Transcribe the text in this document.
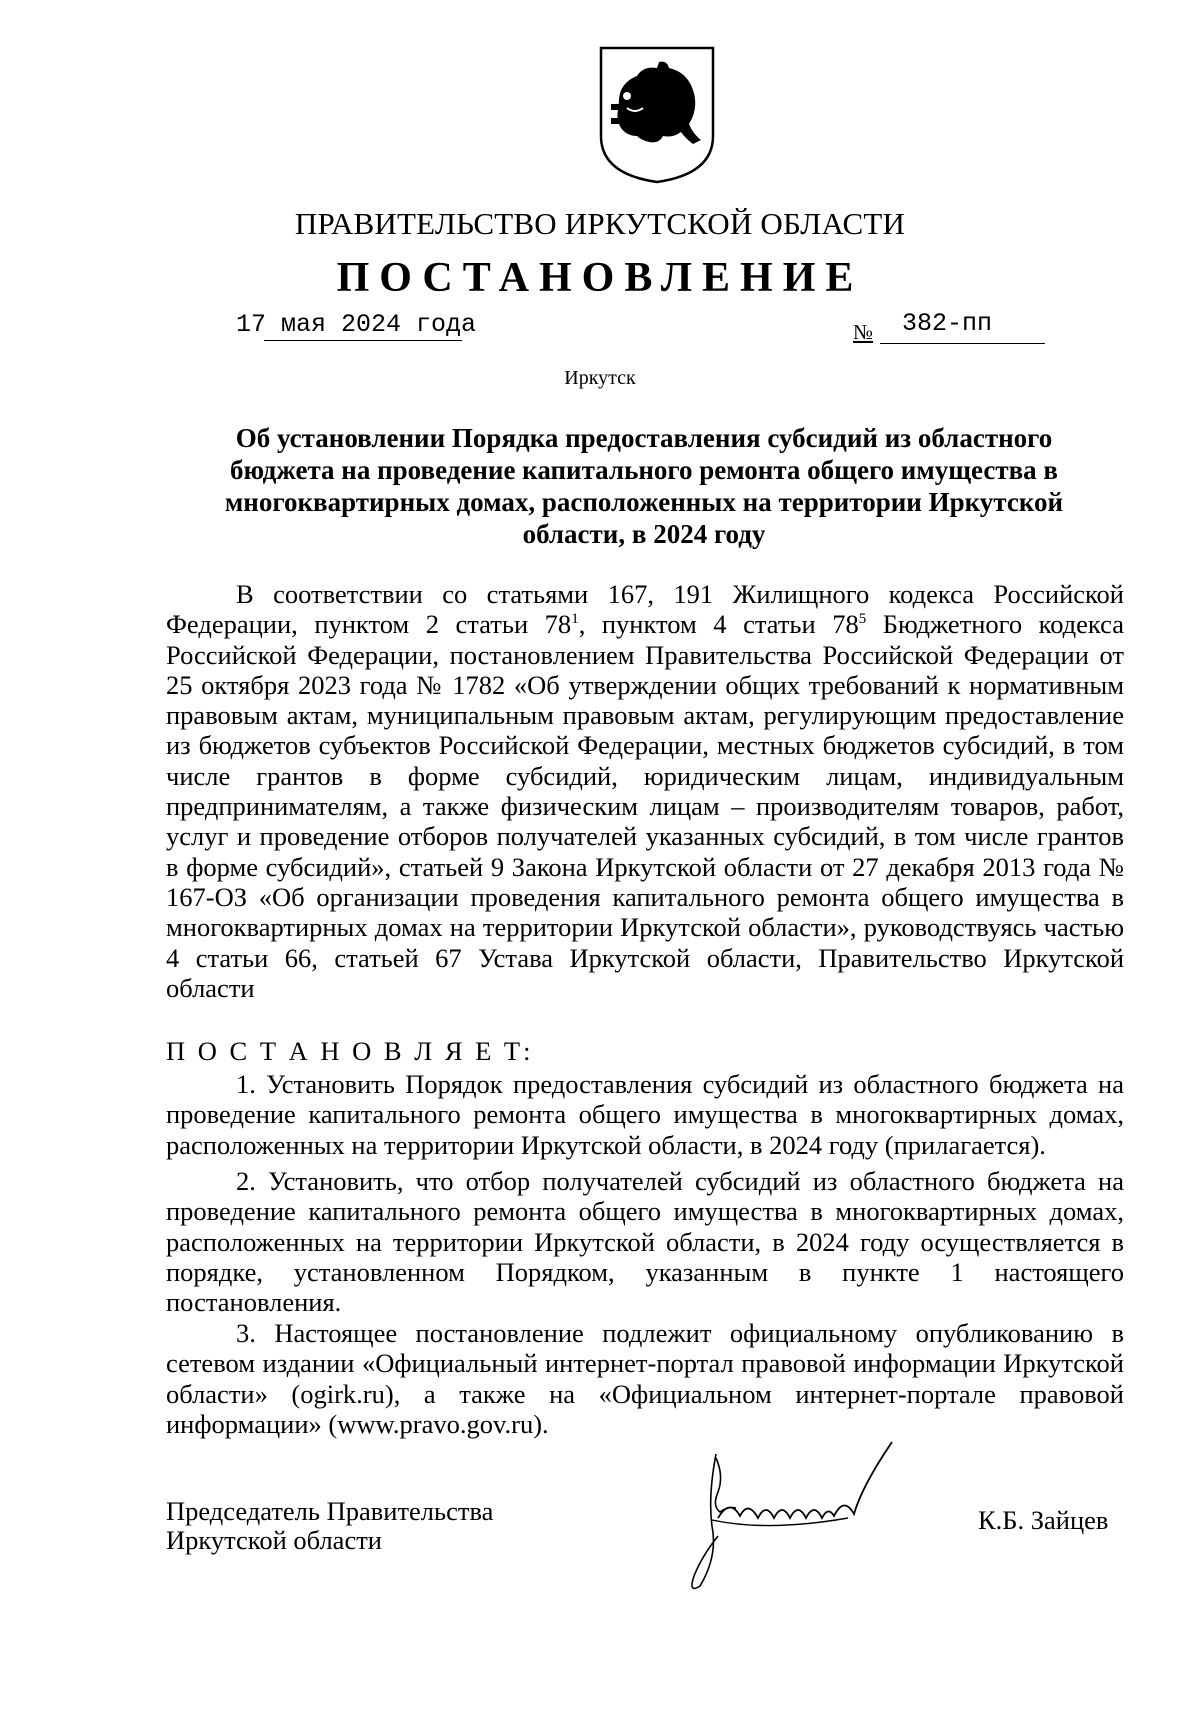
ПРАВИТЕЛЬСТВО ИРКУТСКОЙ ОБЛАСТИ
ПОСТАНОВЛЕНИЕ
17 мая 2024 года	№ 382-пп
Иркутск
Об установлении Порядка предоставления субсидий из областного бюджета на проведение капитального ремонта общего имущества в многоквартирных домах, расположенных на территории Иркутской области, в 2024 году

В соответствии со статьями 167, 191 Жилищного кодекса Российской Федерации, пунктом 2 статьи $78^1$, пунктом 4 статьи $78^5$ Бюджетного кодекса Российской Федерации, постановлением Правительства Российской Федерации от 25 октября 2023 года № 1782 «Об утверждении общих требований к нормативным правовым актам, муниципальным правовым актам, регулирующим предоставление из бюджетов субъектов Российской Федерации, местных бюджетов субсидий, в том числе грантов в форме субсидий, юридическим лицам, индивидуальным предпринимателям, а также физическим лицам – производителям товаров, работ, услуг и проведение отборов получателей указанных субсидий, в том числе грантов в форме субсидий», статьей 9 Закона Иркутской области от 27 декабря 2013 года № 167-ОЗ «Об организации проведения капитального ремонта общего имущества в многоквартирных домах на территории Иркутской области», руководствуясь частью 4 статьи 66, статьей 67 Устава Иркутской области, Правительство Иркутской области

П О С Т А Н О В Л Я Е Т:

1. Установить Порядок предоставления субсидий из областного бюджета на проведение капитального ремонта общего имущества в многоквартирных домах, расположенных на территории Иркутской области, в 2024 году (прилагается).

2. Установить, что отбор получателей субсидий из областного бюджета на проведение капитального ремонта общего имущества в многоквартирных домах, расположенных на территории Иркутской области, в 2024 году осуществляется в порядке, установленном Порядком, указанным в пункте 1 настоящего постановления.

3. Настоящее постановление подлежит официальному опубликованию в сетевом издании «Официальный интернет-портал правовой информации Иркутской области» (ogirk.ru), а также на «Официальном интернет-портале правовой информации» (www.pravo.gov.ru).

Председатель Правительства
Иркутской области
К.Б. Зайцев
